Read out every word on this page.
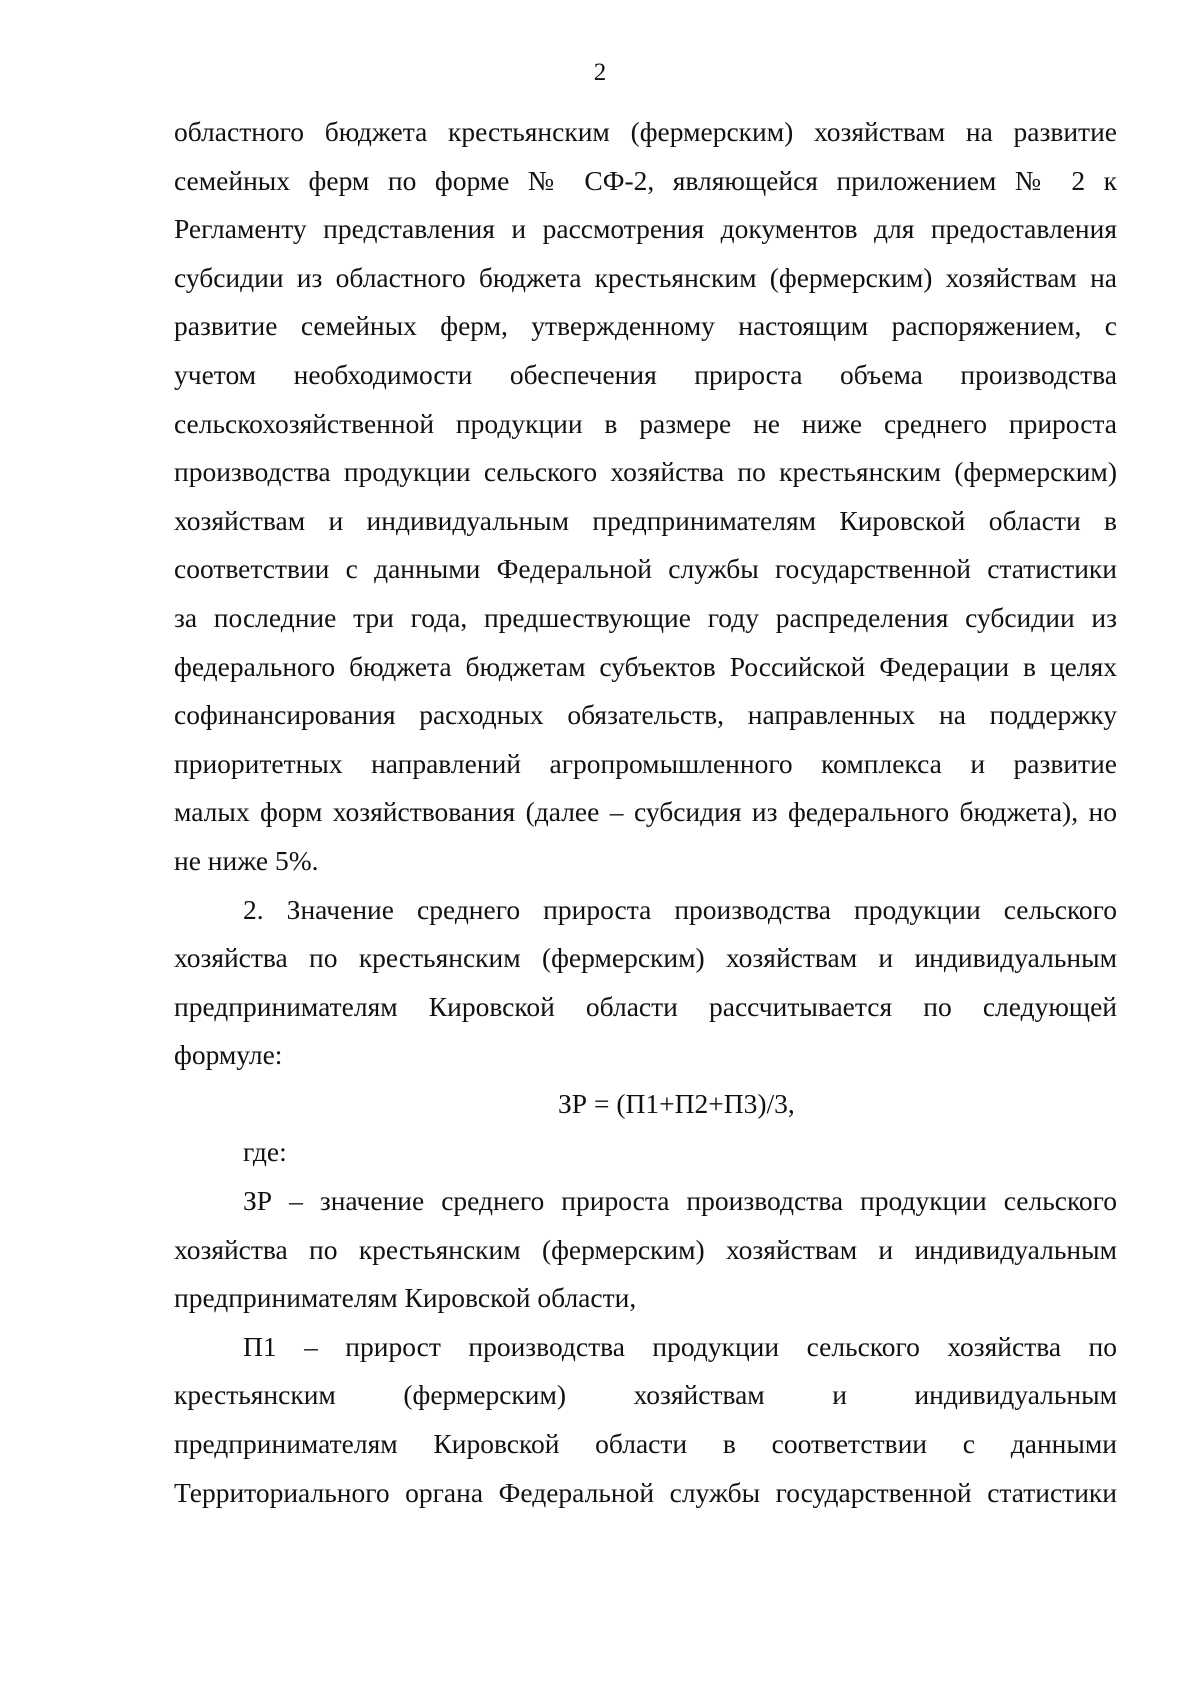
2
областного бюджета крестьянским (фермерским) хозяйствам на развитие
семейных ферм по форме № СФ-2, являющейся приложением № 2 к
Регламенту представления и рассмотрения документов для предоставления
субсидии из областного бюджета крестьянским (фермерским) хозяйствам на
развитие семейных ферм, утвержденному настоящим распоряжением, с
учетом необходимости обеспечения прироста объема производства
сельскохозяйственной продукции в размере не ниже среднего прироста
производства продукции сельского хозяйства по крестьянским (фермерским)
хозяйствам и индивидуальным предпринимателям Кировской области в
соответствии с данными Федеральной службы государственной статистики
за последние три года, предшествующие году распределения субсидии из
федерального бюджета бюджетам субъектов Российской Федерации в целях
софинансирования расходных обязательств, направленных на поддержку
приоритетных направлений агропромышленного комплекса и развитие
малых форм хозяйствования (далее – субсидия из федерального бюджета), но
не ниже 5%.
2. Значение среднего прироста производства продукции сельского
хозяйства по крестьянским (фермерским) хозяйствам и индивидуальным
предпринимателям Кировской области рассчитывается по следующей
формуле:
ЗР = (П1+П2+П3)/3,
где:
ЗР – значение среднего прироста производства продукции сельского
хозяйства по крестьянским (фермерским) хозяйствам и индивидуальным
предпринимателям Кировской области,
П1 – прирост производства продукции сельского хозяйства по
крестьянским (фермерским) хозяйствам и индивидуальным
предпринимателям Кировской области в соответствии с данными
Территориального органа Федеральной службы государственной статистики
